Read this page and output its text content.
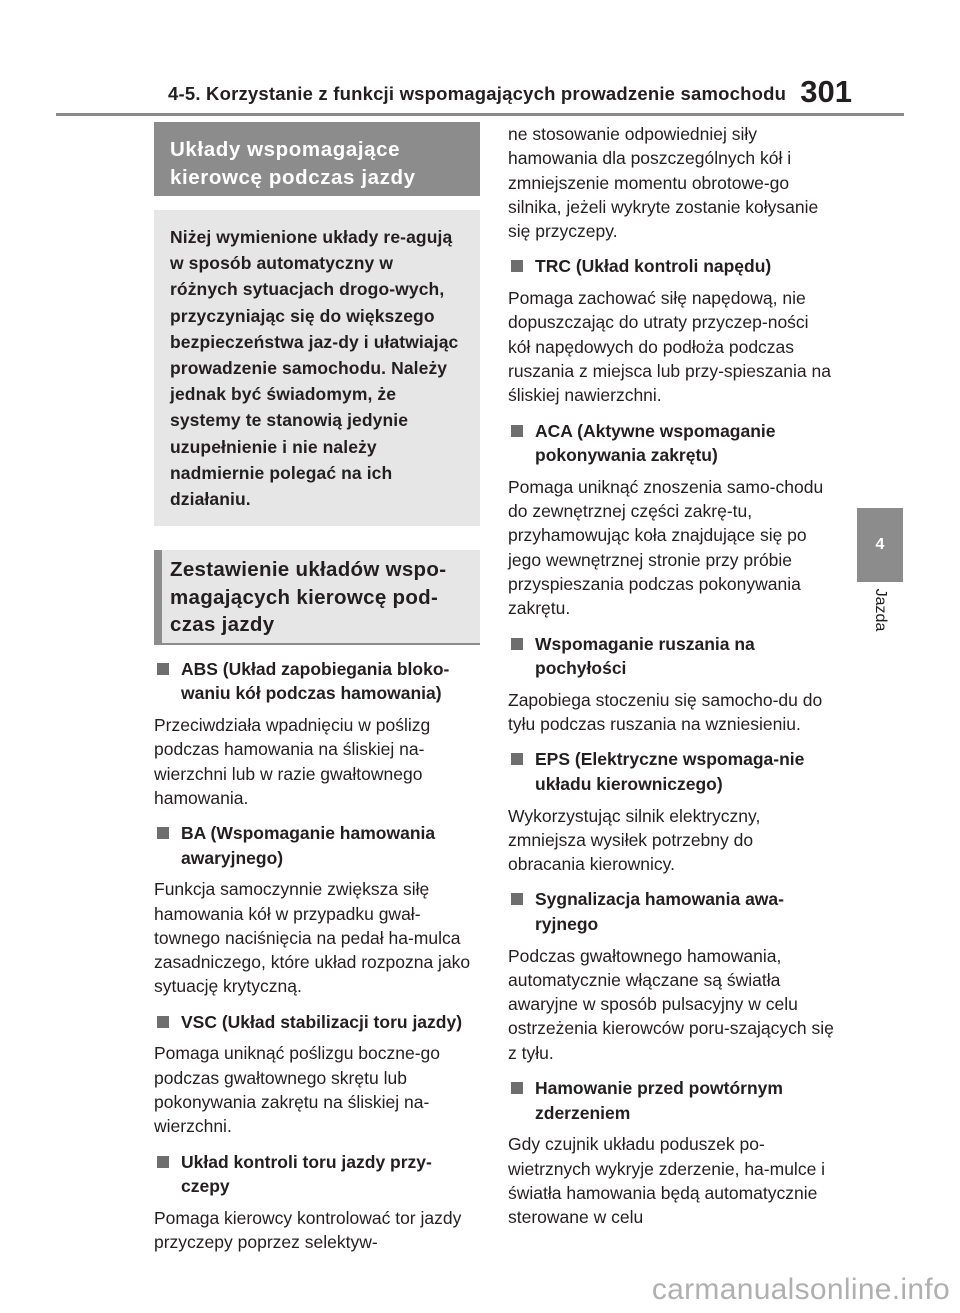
4-5. Korzystanie z funkcji wspomagających prowadzenie samochodu 301
4
Jazda
Układy wspomagające kierowcę podczas jazdy
Niżej wymienione układy re-agują w sposób automatyczny w różnych sytuacjach drogo-wych, przyczyniając się do większego bezpieczeństwa jaz-dy i ułatwiając prowadzenie samochodu. Należy jednak być świadomym, że systemy te stanowią jedynie uzupełnienie i nie należy nadmiernie polegać na ich działaniu.
Zestawienie układów wspo-magających kierowcę pod-czas jazdy
ABS (Układ zapobiegania bloko-waniu kół podczas hamowania)
Przeciwdziała wpadnięciu w poślizg podczas hamowania na śliskiej na-wierzchni lub w razie gwałtownego hamowania.
BA (Wspomaganie hamowania awaryjnego)
Funkcja samoczynnie zwiększa siłę hamowania kół w przypadku gwał-townego naciśnięcia na pedał ha-mulca zasadniczego, które układ rozpozna jako sytuację krytyczną.
VSC (Układ stabilizacji toru jazdy)
Pomaga uniknąć poślizgu boczne-go podczas gwałtownego skrętu lub pokonywania zakrętu na śliskiej na-wierzchni.
Układ kontroli toru jazdy przy-czepy
Pomaga kierowcy kontrolować tor jazdy przyczepy poprzez selektyw-
ne stosowanie odpowiedniej siły hamowania dla poszczególnych kół i zmniejszenie momentu obrotowe-go silnika, jeżeli wykryte zostanie kołysanie się przyczepy.
TRC (Układ kontroli napędu)
Pomaga zachować siłę napędową, nie dopuszczając do utraty przyczep-ności kół napędowych do podłoża podczas ruszania z miejsca lub przy-spieszania na śliskiej nawierzchni.
ACA (Aktywne wspomaganie pokonywania zakrętu)
Pomaga uniknąć znoszenia samo-chodu do zewnętrznej części zakrę-tu, przyhamowując koła znajdujące się po jego wewnętrznej stronie przy próbie przyspieszania podczas pokonywania zakrętu.
Wspomaganie ruszania na pochyłości
Zapobiega stoczeniu się samocho-du do tyłu podczas ruszania na wzniesieniu.
EPS (Elektryczne wspomaga-nie układu kierowniczego)
Wykorzystując silnik elektryczny, zmniejsza wysiłek potrzebny do obracania kierownicy.
Sygnalizacja hamowania awa-ryjnego
Podczas gwałtownego hamowania, automatycznie włączane są światła awaryjne w sposób pulsacyjny w celu ostrzeżenia kierowców poru-szających się z tyłu.
Hamowanie przed powtórnym zderzeniem
Gdy czujnik układu poduszek po-wietrznych wykryje zderzenie, ha-mulce i światła hamowania będą automatycznie sterowane w celu
carmanualsonline.info
